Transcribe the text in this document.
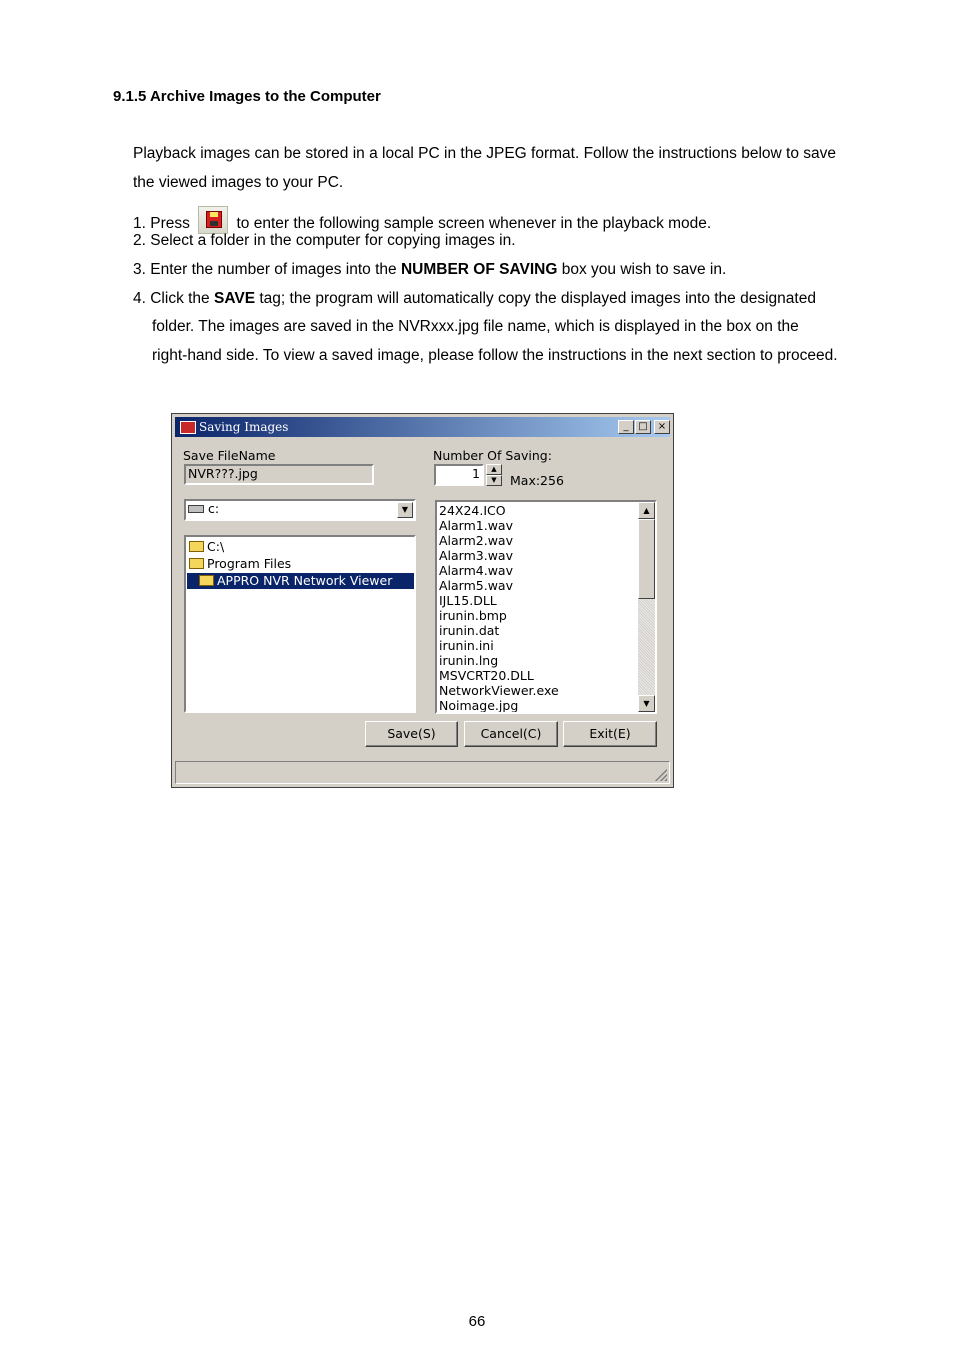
9.1.5 Archive Images to the Computer
Playback images can be stored in a local PC in the JPEG format. Follow the instructions below to save
the viewed images to your PC.
1. Press	to enter the following sample screen whenever in the playback mode.
2. Select a folder in the computer for copying images in.
3. Enter the number of images into the NUMBER OF SAVING box you wish to save in.
4. Click the SAVE tag; the program will automatically copy the displayed images into the designated
folder. The images are saved in the NVRxxx.jpg file name, which is displayed in the box on the
right-hand side. To view a saved image, please follow the instructions in the next section to proceed.
Saving Images	_ □	×
Save FileName
NVR???.jpg
Number Of Saving:
1	▲
▼	Max:256
c:	▼
C:\
Program Files
APPRO NVR Network Viewer
24X24.ICO
Alarm1.wav
Alarm2.wav
Alarm3.wav
Alarm4.wav
Alarm5.wav
IJL15.DLL
irunin.bmp
irunin.dat
irunin.ini
irunin.lng
MSVCRT20.DLL
NetworkViewer.exe
Noimage.jpg
▲
▼
Save(S)	Cancel(C)	Exit(E)
66
